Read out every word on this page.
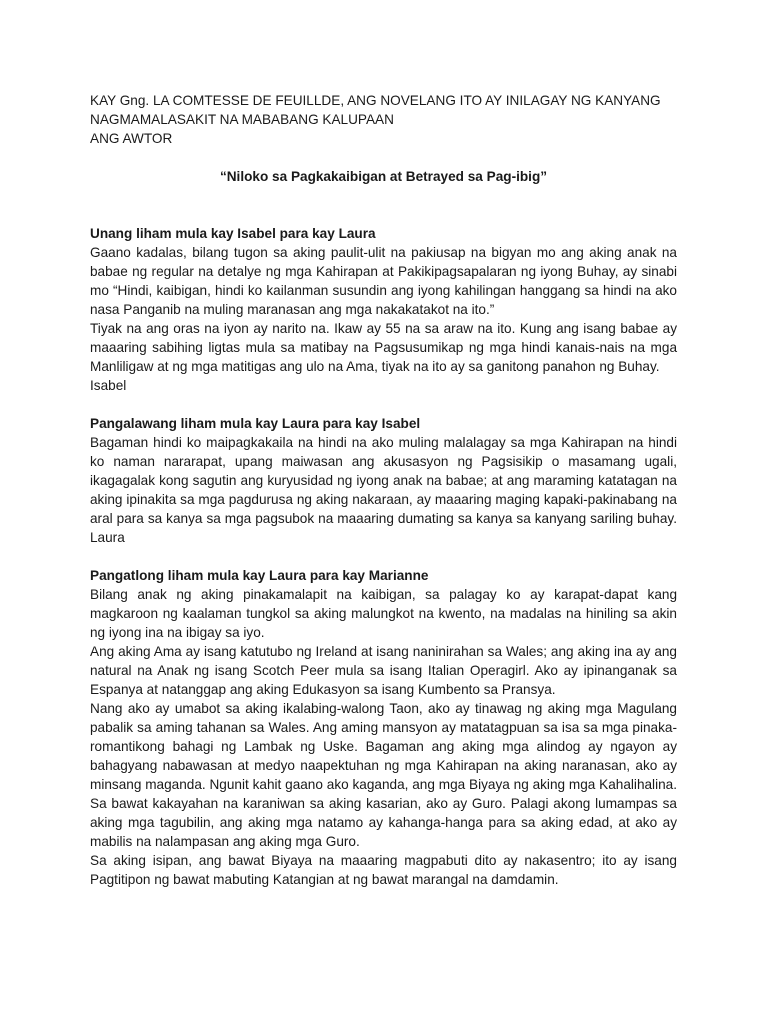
KAY Gng. LA COMTESSE DE FEUILLDE, ANG NOVELANG ITO AY INILAGAY NG KANYANG NAGMAMALASAKIT NA MABABANG KALUPAAN

ANG AWTOR

“Niloko sa Pagkakaibigan at Betrayed sa Pag-ibig”

Unang liham mula kay Isabel para kay Laura

Gaano kadalas, bilang tugon sa aking paulit-ulit na pakiusap na bigyan mo ang aking anak na babae ng regular na detalye ng mga Kahirapan at Pakikipagsapalaran ng iyong Buhay, ay sinabi mo “Hindi, kaibigan, hindi ko kailanman susundin ang iyong kahilingan hanggang sa hindi na ako nasa Panganib na muling maranasan ang mga nakakatakot na ito.”

Tiyak na ang oras na iyon ay narito na. Ikaw ay 55 na sa araw na ito. Kung ang isang babae ay maaaring sabihing ligtas mula sa matibay na Pagsusumikap ng mga hindi kanais-nais na mga Manliligaw at ng mga matitigas ang ulo na Ama, tiyak na ito ay sa ganitong panahon ng Buhay.

Isabel

Pangalawang liham mula kay Laura para kay Isabel

Bagaman hindi ko maipagkakaila na hindi na ako muling malalagay sa mga Kahirapan na hindi ko naman nararapat, upang maiwasan ang akusasyon ng Pagsisikip o masamang ugali, ikagagalak kong sagutin ang kuryusidad ng iyong anak na babae; at ang maraming katatagan na aking ipinakita sa mga pagdurusa ng aking nakaraan, ay maaaring maging kapaki-pakinabang na aral para sa kanya sa mga pagsubok na maaaring dumating sa kanya sa kanyang sariling buhay. Laura

Pangatlong liham mula kay Laura para kay Marianne

Bilang anak ng aking pinakamalapit na kaibigan, sa palagay ko ay karapat-dapat kang magkaroon ng kaalaman tungkol sa aking malungkot na kwento, na madalas na hiniling sa akin ng iyong ina na ibigay sa iyo.

Ang aking Ama ay isang katutubo ng Ireland at isang naninirahan sa Wales; ang aking ina ay ang natural na Anak ng isang Scotch Peer mula sa isang Italian Operagirl. Ako ay ipinanganak sa Espanya at natanggap ang aking Edukasyon sa isang Kumbento sa Pransya.

Nang ako ay umabot sa aking ikalabing-walong Taon, ako ay tinawag ng aking mga Magulang pabalik sa aming tahanan sa Wales. Ang aming mansyon ay matatagpuan sa isa sa mga pinaka-romantikong bahagi ng Lambak ng Uske. Bagaman ang aking mga alindog ay ngayon ay bahagyang nabawasan at medyo naapektuhan ng mga Kahirapan na aking naranasan, ako ay minsang maganda. Ngunit kahit gaano ako kaganda, ang mga Biyaya ng aking mga Kahalihalina. Sa bawat kakayahan na karaniwan sa aking kasarian, ako ay Guro. Palagi akong lumampas sa aking mga tagubilin, ang aking mga natamo ay kahanga-hanga para sa aking edad, at ako ay mabilis na nalampasan ang aking mga Guro.

Sa aking isipan, ang bawat Biyaya na maaaring magpabuti dito ay nakasentro; ito ay isang Pagtitipon ng bawat mabuting Katangian at ng bawat marangal na damdamin.
